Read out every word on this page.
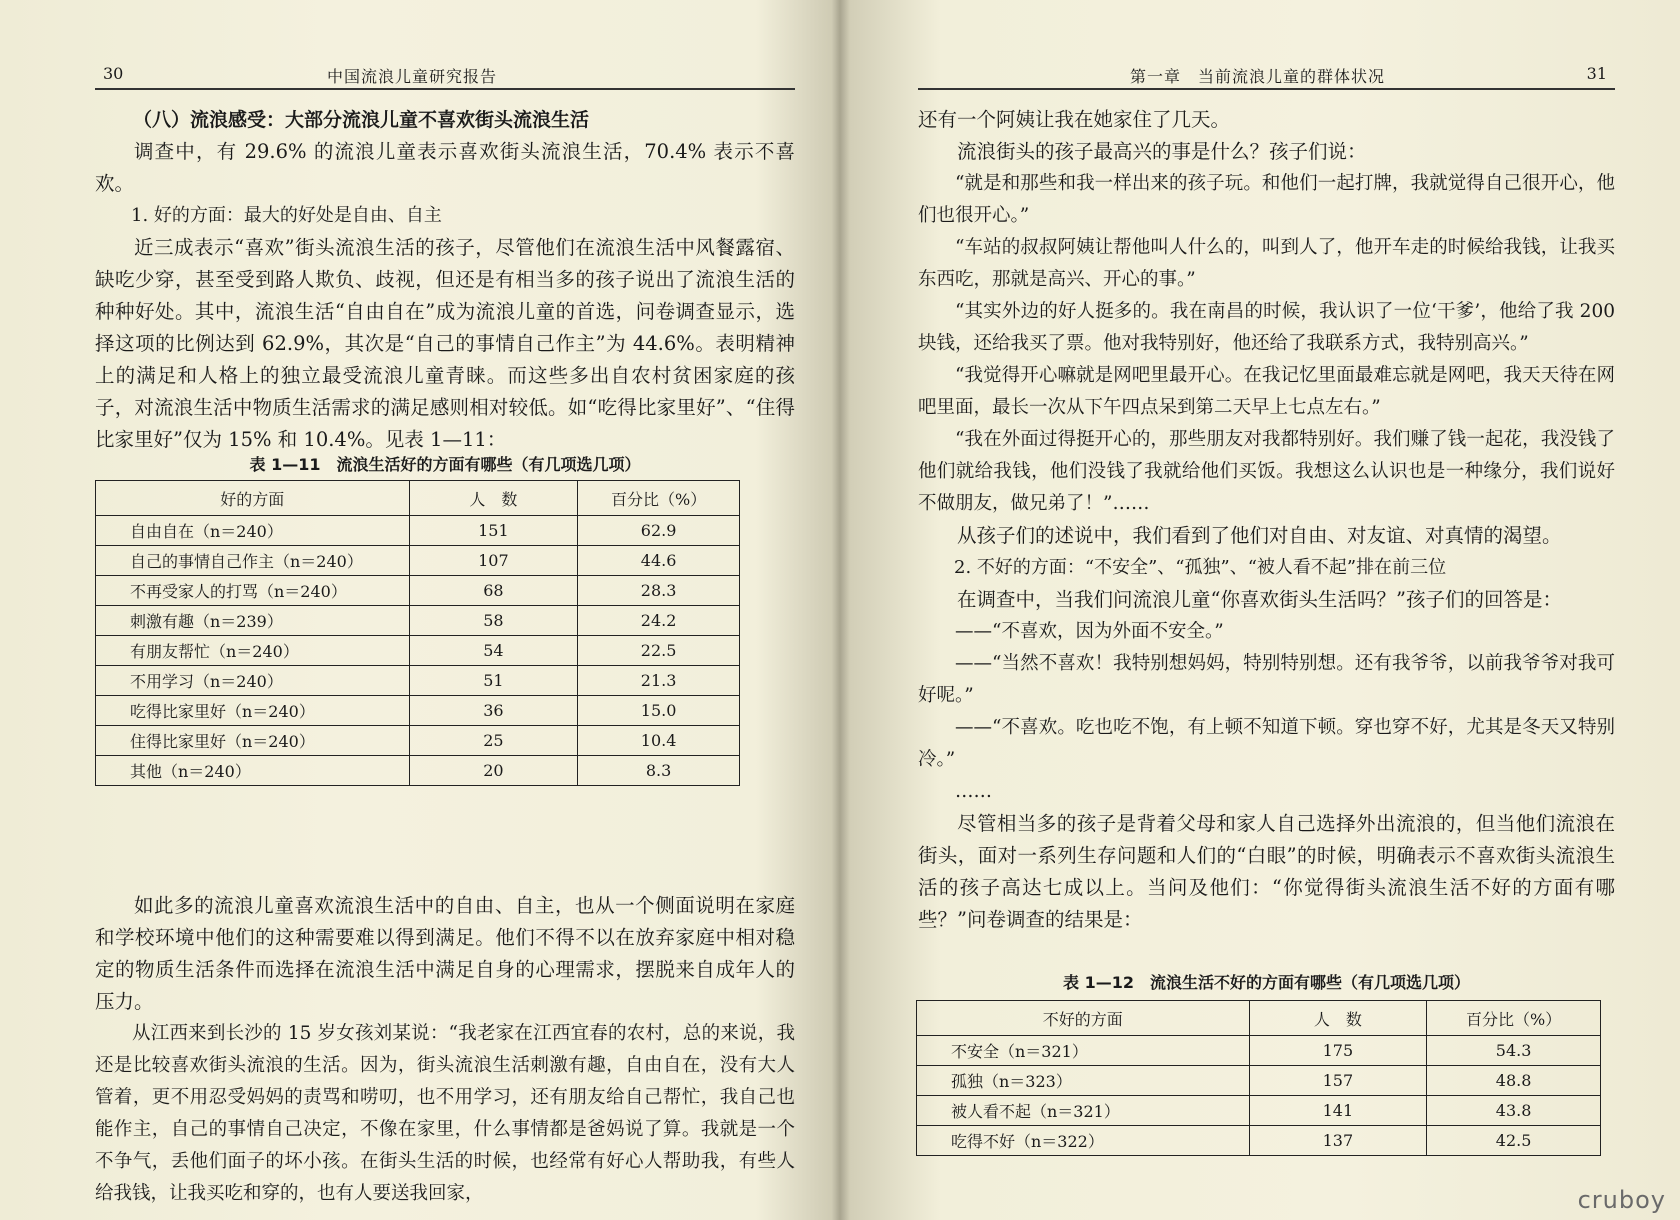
30	中国流浪儿童研究报告

（八）流浪感受：大部分流浪儿童不喜欢街头流浪生活

调查中，有 29.6% 的流浪儿童表示喜欢街头流浪生活，70.4% 表示不喜欢。

1. 好的方面：最大的好处是自由、自主

近三成表示“喜欢”街头流浪生活的孩子，尽管他们在流浪生活中风餐露宿、缺吃少穿，甚至受到路人欺负、歧视，但还是有相当多的孩子说出了流浪生活的种种好处。其中，流浪生活“自由自在”成为流浪儿童的首选，问卷调查显示，选择这项的比例达到 62.9%，其次是“自己的事情自己作主”为 44.6%。表明精神上的满足和人格上的独立最受流浪儿童青睐。而这些多出自农村贫困家庭的孩子，对流浪生活中物质生活需求的满足感则相对较低。如“吃得比家里好”、“住得比家里好”仅为 15% 和 10.4%。见表 1—11：

表 1—11　流浪生活好的方面有哪些（有几项选几项）

好的方面	人　数	百分比（%）
自由自在（n＝240）	151	62.9
自己的事情自己作主（n＝240）	107	44.6
不再受家人的打骂（n＝240）	68	28.3
刺激有趣（n＝239）	58	24.2
有朋友帮忙（n＝240）	54	22.5
不用学习（n＝240）	51	21.3
吃得比家里好（n＝240）	36	15.0
住得比家里好（n＝240）	25	10.4
其他（n＝240）	20	8.3

如此多的流浪儿童喜欢流浪生活中的自由、自主，也从一个侧面说明在家庭和学校环境中他们的这种需要难以得到满足。他们不得不以在放弃家庭中相对稳定的物质生活条件而选择在流浪生活中满足自身的心理需求，摆脱来自成年人的压力。

从江西来到长沙的 15 岁女孩刘某说：“我老家在江西宜春的农村，总的来说，我还是比较喜欢街头流浪的生活。因为，街头流浪生活刺激有趣，自由自在，没有大人管着，更不用忍受妈妈的责骂和唠叨，也不用学习，还有朋友给自己帮忙，我自己也能作主，自己的事情自己决定，不像在家里，什么事情都是爸妈说了算。我就是一个不争气，丢他们面子的坏小孩。在街头生活的时候，也经常有好心人帮助我，有些人给我钱，让我买吃和穿的，也有人要送我回家，

第一章　当前流浪儿童的群体状况	31

还有一个阿姨让我在她家住了几天。

流浪街头的孩子最高兴的事是什么？孩子们说：

“就是和那些和我一样出来的孩子玩。和他们一起打牌，我就觉得自己很开心，他们也很开心。”

“车站的叔叔阿姨让帮他叫人什么的，叫到人了，他开车走的时候给我钱，让我买东西吃，那就是高兴、开心的事。”

“其实外边的好人挺多的。我在南昌的时候，我认识了一位‘干爹’，他给了我 200 块钱，还给我买了票。他对我特别好，他还给了我联系方式，我特别高兴。”

“我觉得开心嘛就是网吧里最开心。在我记忆里面最难忘就是网吧，我天天待在网吧里面，最长一次从下午四点呆到第二天早上七点左右。”

“我在外面过得挺开心的，那些朋友对我都特别好。我们赚了钱一起花，我没钱了他们就给我钱，他们没钱了我就给他们买饭。我想这么认识也是一种缘分，我们说好不做朋友，做兄弟了！”……

从孩子们的述说中，我们看到了他们对自由、对友谊、对真情的渴望。

2. 不好的方面：“不安全”、“孤独”、“被人看不起”排在前三位

在调查中，当我们问流浪儿童“你喜欢街头生活吗？”孩子们的回答是：

——“不喜欢，因为外面不安全。”

——“当然不喜欢！我特别想妈妈，特别特别想。还有我爷爷，以前我爷爷对我可好呢。”

——“不喜欢。吃也吃不饱，有上顿不知道下顿。穿也穿不好，尤其是冬天又特别冷。”

……

尽管相当多的孩子是背着父母和家人自己选择外出流浪的，但当他们流浪在街头，面对一系列生存问题和人们的“白眼”的时候，明确表示不喜欢街头流浪生活的孩子高达七成以上。当问及他们：“你觉得街头流浪生活不好的方面有哪些？”问卷调查的结果是：

表 1—12　流浪生活不好的方面有哪些（有几项选几项）

不好的方面	人　数	百分比（%）
不安全（n＝321）	175	54.3
孤独（n＝323）	157	48.8
被人看不起（n＝321）	141	43.8
吃得不好（n＝322）	137	42.5
cruboy
